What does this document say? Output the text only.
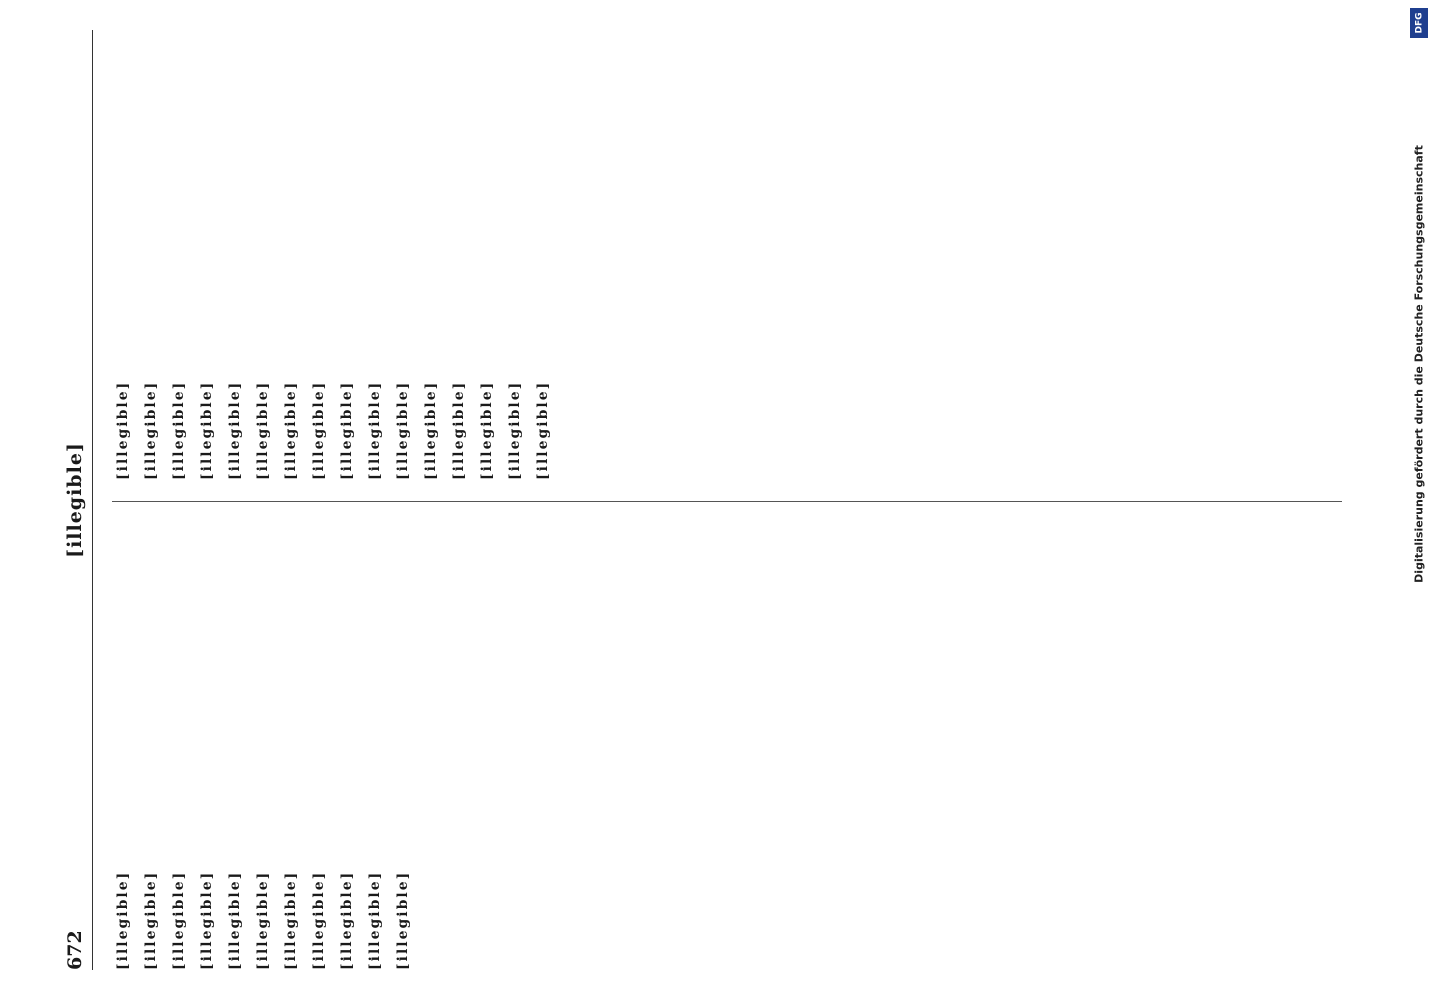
672
[illegible]
[illegible] [illegible] [illegible] [illegible] [illegible] [illegible] [illegible] [illegible] [illegible] [illegible] [illegible]
[illegible] [illegible] [illegible] [illegible] [illegible] [illegible] [illegible] [illegible] [illegible] [illegible] [illegible] [illegible] [illegible] [illegible] [illegible] [illegible]
DFG
Digitalisierung gefördert durch die Deutsche Forschungsgemeinschaft
